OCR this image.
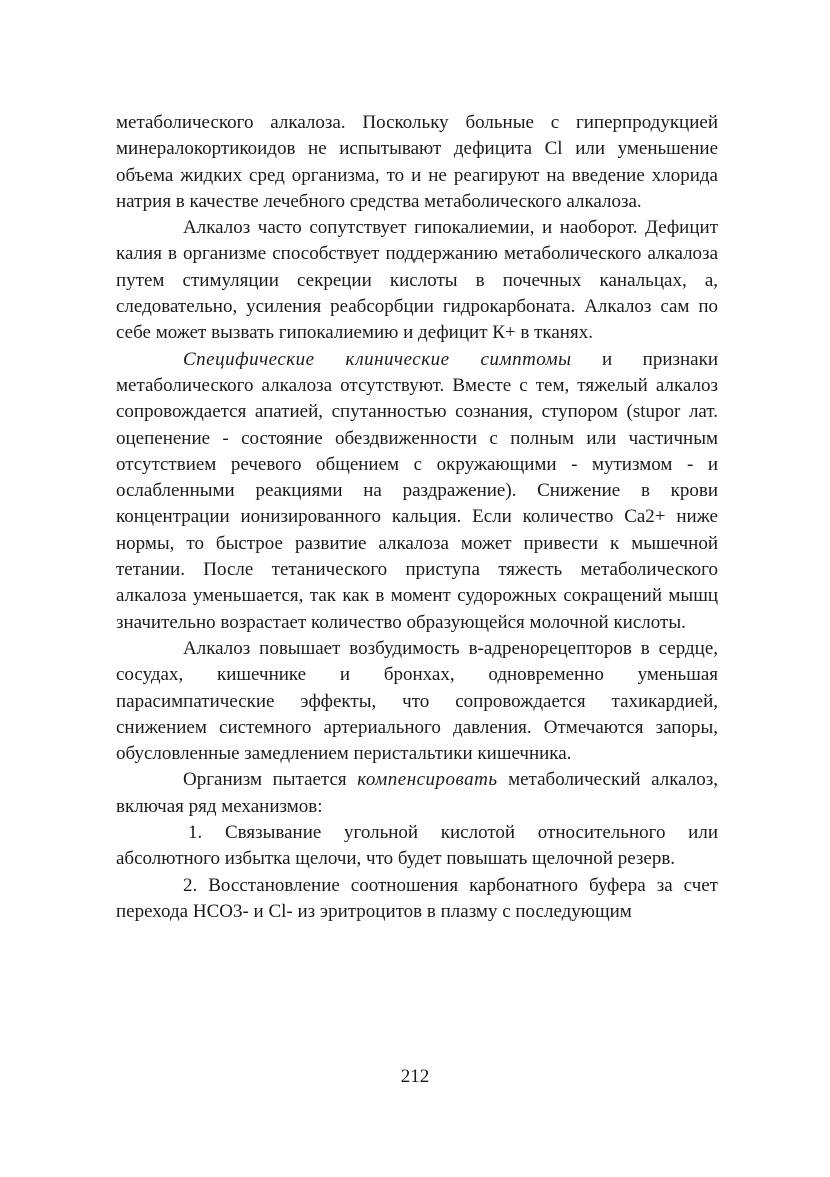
метаболического алкалоза. Поскольку больные с гиперпродукцией минералокортикоидов не испытывают дефицита Cl или уменьшение объема жидких сред организма, то и не реагируют на введение хлорида натрия в качестве лечебного средства метаболического алкалоза.

Алкалоз часто сопутствует гипокалиемии, и наоборот. Дефицит калия в организме способствует поддержанию метаболического алкалоза путем стимуляции секреции кислоты в почечных канальцах, а, следовательно, усиления реабсорбции гидрокарбоната. Алкалоз сам по себе может вызвать гипокалиемию и дефицит К+ в тканях.

Специфические клинические симптомы и признаки метаболического алкалоза отсутствуют. Вместе с тем, тяжелый алкалоз сопровождается апатией, спутанностью сознания, ступором (stupor лат. оцепенение - состояние обездвиженности с полным или частичным отсутствием речевого общением с окружающими - мутизмом - и ослабленными реакциями на раздражение). Снижение в крови концентрации ионизированного кальция. Если количество Са2+ ниже нормы, то быстрое развитие алкалоза может привести к мышечной тетании. После тетанического приступа тяжесть метаболического алкалоза уменьшается, так как в момент судорожных сокращений мышц значительно возрастает количество образующейся молочной кислоты.

Алкалоз повышает возбудимость в-адренорецепторов в сердце, сосудах, кишечнике и бронхах, одновременно уменьшая парасимпатические эффекты, что сопровождается тахикардией, снижением системного артериального давления. Отмечаются запоры, обусловленные замедлением перистальтики кишечника.

Организм пытается компенсировать метаболический алкалоз, включая ряд механизмов:

1. Связывание угольной кислотой относительного или абсолютного избытка щелочи, что будет повышать щелочной резерв.

2. Восстановление соотношения карбонатного буфера за счет перехода НСО3- и Cl- из эритроцитов в плазму с последующим

212
